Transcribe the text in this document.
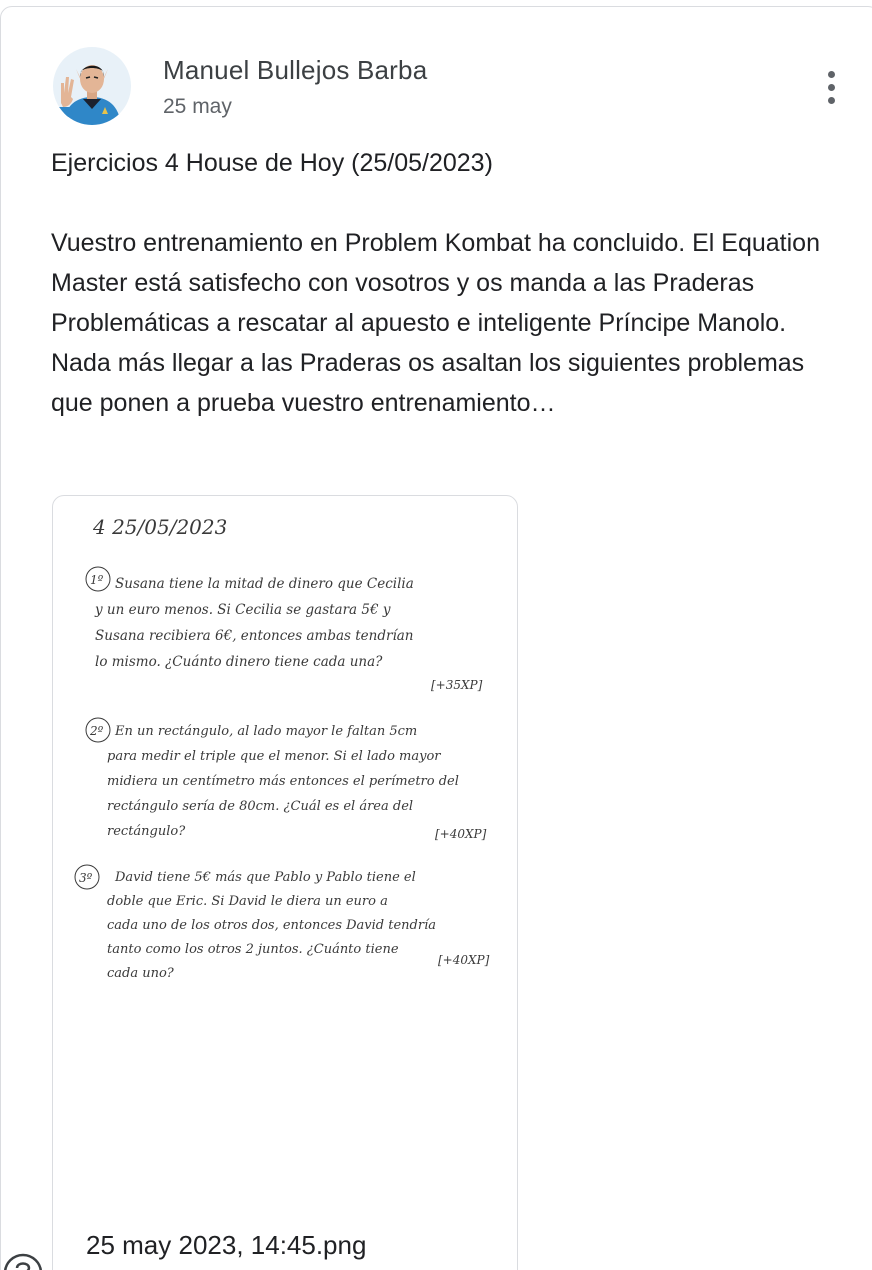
Manuel Bullejos Barba
25 may
Ejercicios 4 House de Hoy (25/05/2023)
Vuestro entrenamiento en Problem Kombat ha concluido. El Equation Master está satisfecho con vosotros y os manda a las Praderas Problemáticas a rescatar al apuesto e inteligente Príncipe Manolo. Nada más llegar a las Praderas os asaltan los siguientes problemas que ponen a prueba vuestro entrenamiento…
4 25/05/2023
1º
2º
3º
Susana tiene la mitad de dinero que Cecilia
y un euro menos. Si Cecilia se gastara 5€ y
Susana recibiera 6€, entonces ambas tendrían
lo mismo. ¿Cuánto dinero tiene cada una?
En un rectángulo, al lado mayor le faltan 5cm
para medir el triple que el menor. Si el lado mayor
midiera un centímetro más entonces el perímetro del
rectángulo sería de 80cm. ¿Cuál es el área del
rectángulo?
David tiene 5€ más que Pablo y Pablo tiene el
doble que Eric. Si David le diera un euro a
cada uno de los otros dos, entonces David tendría
tanto como los otros 2 juntos. ¿Cuánto tiene
cada uno?
[+35XP]
[+40XP]
[+40XP]
25 may 2023, 14:45.png
